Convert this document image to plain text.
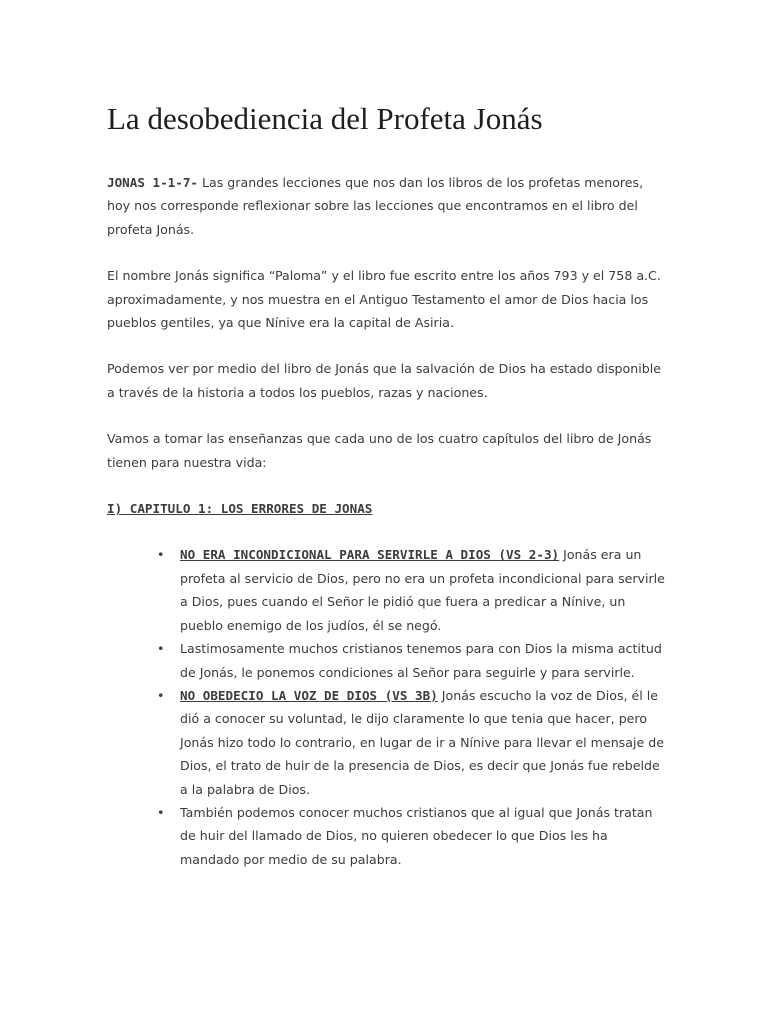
La desobediencia del Profeta Jonás

JONAS 1-1-7- Las grandes lecciones que nos dan los libros de los profetas menores, hoy nos corresponde reflexionar sobre las lecciones que encontramos en el libro del profeta Jonás.

El nombre Jonás significa “Paloma” y el libro fue escrito entre los años 793 y el 758 a.C. aproximadamente, y nos muestra en el Antiguo Testamento el amor de Dios hacia los pueblos gentiles, ya que Nínive era la capital de Asiria.

Podemos ver por medio del libro de Jonás que la salvación de Dios ha estado disponible a través de la historia a todos los pueblos, razas y naciones.

Vamos a tomar las enseñanzas que cada uno de los cuatro capítulos del libro de Jonás tienen para nuestra vida:

I) CAPITULO 1: LOS ERRORES DE JONAS

• NO ERA INCONDICIONAL PARA SERVIRLE A DIOS (VS 2-3) Jonás era un profeta al servicio de Dios, pero no era un profeta incondicional para servirle a Dios, pues cuando el Señor le pidió que fuera a predicar a Nínive, un pueblo enemigo de los judíos, él se negó.
• Lastimosamente muchos cristianos tenemos para con Dios la misma actitud de Jonás, le ponemos condiciones al Señor para seguirle y para servirle.
• NO OBEDECIO LA VOZ DE DIOS (VS 3B) Jonás escucho la voz de Dios, él le dió a conocer su voluntad, le dijo claramente lo que tenia que hacer, pero Jonás hizo todo lo contrario, en lugar de ir a Nínive para llevar el mensaje de Dios, el trato de huir de la presencia de Dios, es decir que Jonás fue rebelde a la palabra de Dios.
• También podemos conocer muchos cristianos que al igual que Jonás tratan de huir del llamado de Dios, no quieren obedecer lo que Dios les ha mandado por medio de su palabra.
